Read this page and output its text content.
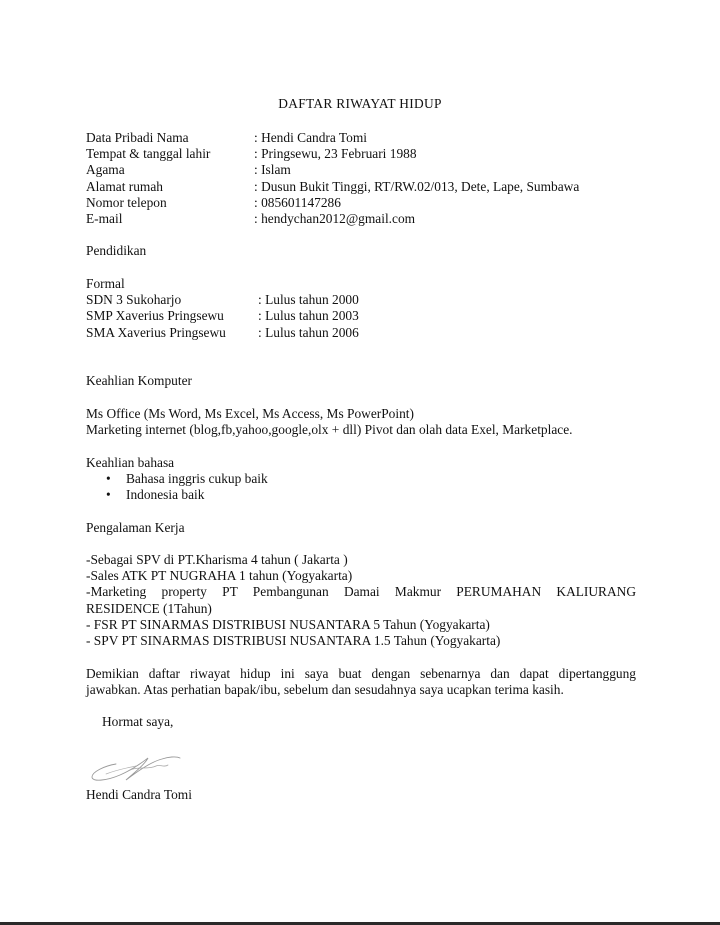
DAFTAR RIWAYAT HIDUP
Data Pribadi Nama	: Hendi Candra Tomi
Tempat & tanggal lahir	: Pringsewu, 23 Februari 1988
Agama	: Islam
Alamat rumah	: Dusun Bukit Tinggi, RT/RW.02/013, Dete, Lape, Sumbawa
Nomor telepon	: 085601147286
E-mail	: hendychan2012@gmail.com
Pendidikan
Formal
SDN 3 Sukoharjo	: Lulus tahun 2000
SMP Xaverius Pringsewu	: Lulus tahun 2003
SMA Xaverius Pringsewu	: Lulus tahun 2006
Keahlian Komputer
Ms Office (Ms Word, Ms Excel, Ms Access, Ms PowerPoint)
Marketing internet (blog,fb,yahoo,google,olx + dll) Pivot dan olah data Exel, Marketplace.
Keahlian bahasa
• Bahasa inggris cukup baik
• Indonesia baik
Pengalaman Kerja
-Sebagai SPV di PT.Kharisma 4 tahun ( Jakarta )
-Sales ATK PT NUGRAHA 1 tahun (Yogyakarta)
-Marketing property PT Pembangunan Damai Makmur PERUMAHAN KALIURANG
RESIDENCE (1Tahun)
- FSR PT SINARMAS DISTRIBUSI NUSANTARA 5 Tahun (Yogyakarta)
- SPV PT SINARMAS DISTRIBUSI NUSANTARA 1.5 Tahun (Yogyakarta)
Demikian daftar riwayat hidup ini saya buat dengan sebenarnya dan dapat dipertanggung
jawabkan. Atas perhatian bapak/ibu, sebelum dan sesudahnya saya ucapkan terima kasih.
Hormat saya,
Hendi Candra Tomi
